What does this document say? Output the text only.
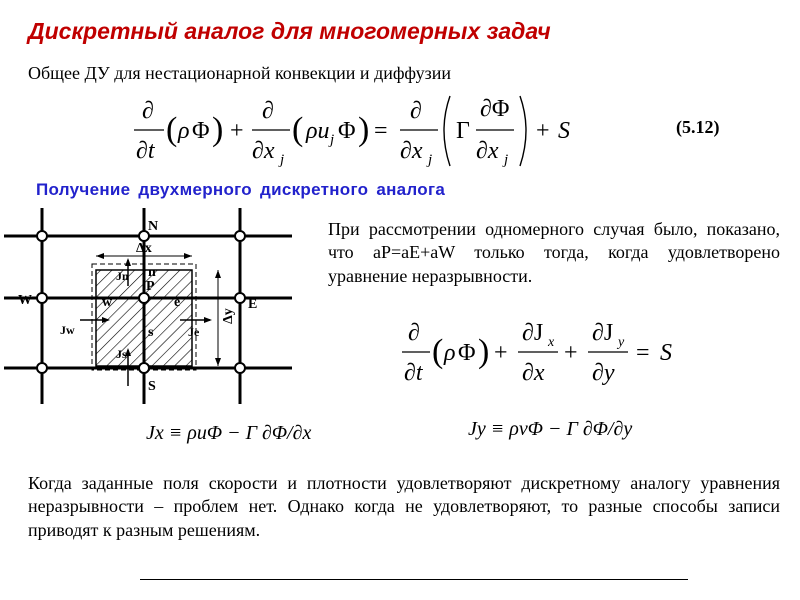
Дискретный аналог для многомерных задач
Общее ДУ для нестационарной конвекции и диффузии
∂
∂t
( ρ Φ ) +
∂
∂x j
( ρu j Φ ) =
∂
∂x j
Γ
∂Φ
∂x j
+ S	(5.12)
Получение двухмерного дискретного аналога
N
S
E
W
P
n
s
e
w
Δx
Δy
Jn
Js
Jw	Je
При рассмотрении одномерного случая было, показано, что aP=aE+aW только тогда, когда удовлетворено уравнение неразрывности.
∂
∂t
( ρ Φ ) +
∂J x
∂x
+
∂J y
∂y
= S
Jx ≡ ρuΦ − Γ ∂Φ/∂x	Jy ≡ ρvΦ − Γ ∂Φ/∂y
Когда заданные поля скорости и плотности удовлетворяют дискретному аналогу уравнения неразрывности – проблем нет. Однако когда не удовлетворяют, то разные способы записи приводят к разным решениям.
